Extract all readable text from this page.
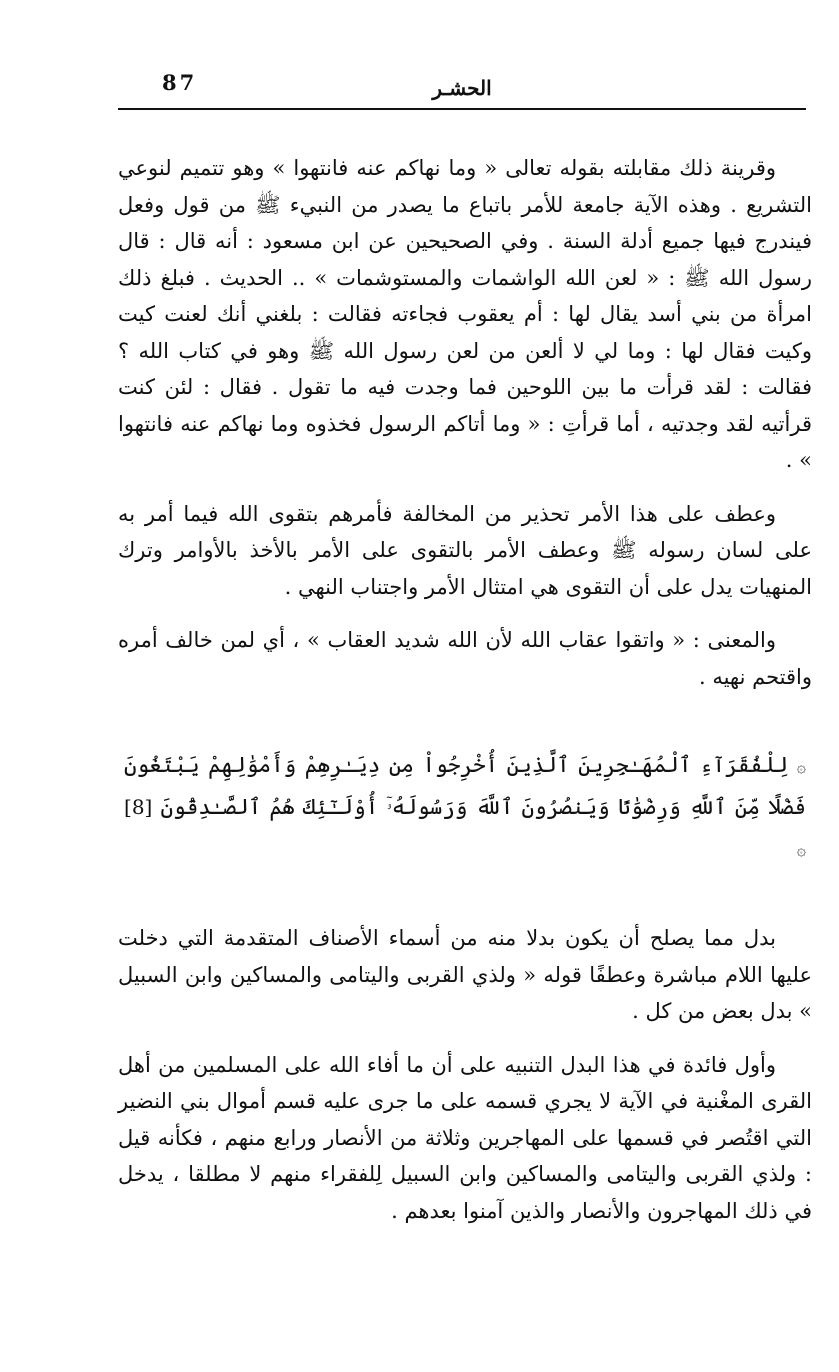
87	الحشـر

وقرينة ذلك مقابلته بقوله تعالى « وما نهاكم عنه فانتهوا » وهو تتميم لنوعي التشريع . وهذه الآية جامعة للأمر باتباع ما يصدر من النبيء ﷺ من قول وفعل فيندرج فيها جميع أدلة السنة . وفي الصحيحين عن ابن مسعود : أنه قال : قال رسول الله ﷺ : « لعن الله الواشمات والمستوشمات » .. الحديث . فبلغ ذلك امرأة من بني أسد يقال لها : أم يعقوب فجاءته فقالت : بلغني أنك لعنت كيت وكيت فقال لها : وما لي لا ألعن من لعن رسول الله ﷺ وهو في كتاب الله ؟ فقالت : لقد قرأت ما بين اللوحين فما وجدت فيه ما تقول . فقال : لئن كنت قرأتيه لقد وجدتيه ، أما قرأتِ : « وما أتاكم الرسول فخذوه وما نهاكم عنه فانتهوا » .

وعطف على هذا الأمر تحذير من المخالفة فأمرهم بتقوى الله فيما أمر به على لسان رسوله ﷺ وعطف الأمر بالتقوى على الأمر بالأخذ بالأوامر وترك المنهيات يدل على أن التقوى هي امتثال الأمر واجتناب النهي .

والمعنى : « واتقوا عقاب الله لأن الله شديد العقاب » ، أي لمن خالف أمره واقتحم نهيه .

۞ لِلْفُقَرَآءِ ٱلْمُهَـٰجِرِينَ ٱلَّذِينَ أُخْرِجُواْ مِن دِيَـٰرِهِمْ وَأَمْوَٰلِهِمْ يَبْتَغُونَ فَضْلًا مِّنَ ٱللَّهِ وَرِضْوَٰنًا وَيَنصُرُونَ ٱللَّهَ وَرَسُولَهُۥٓ أُوْلَـٰٓئِكَ هُمُ ٱلصَّـٰدِقُونَ [8] ۞

بدل مما يصلح أن يكون بدلا منه من أسماء الأصناف المتقدمة التي دخلت عليها اللام مباشرة وعطفًا قوله « ولذي القربى واليتامى والمساكين وابن السبيل » بدل بعض من كل .

وأول فائدة في هذا البدل التنبيه على أن ما أفاء الله على المسلمين من أهل القرى المغْنية في الآية لا يجري قسمه على ما جرى عليه قسم أموال بني النضير التي اقتُصر في قسمها على المهاجرين وثلاثة من الأنصار ورابع منهم ، فكأنه قيل : ولذي القربى واليتامى والمساكين وابن السبيل لِلفقراء منهم لا مطلقا ، يدخل في ذلك المهاجرون والأنصار والذين آمنوا بعدهم .
